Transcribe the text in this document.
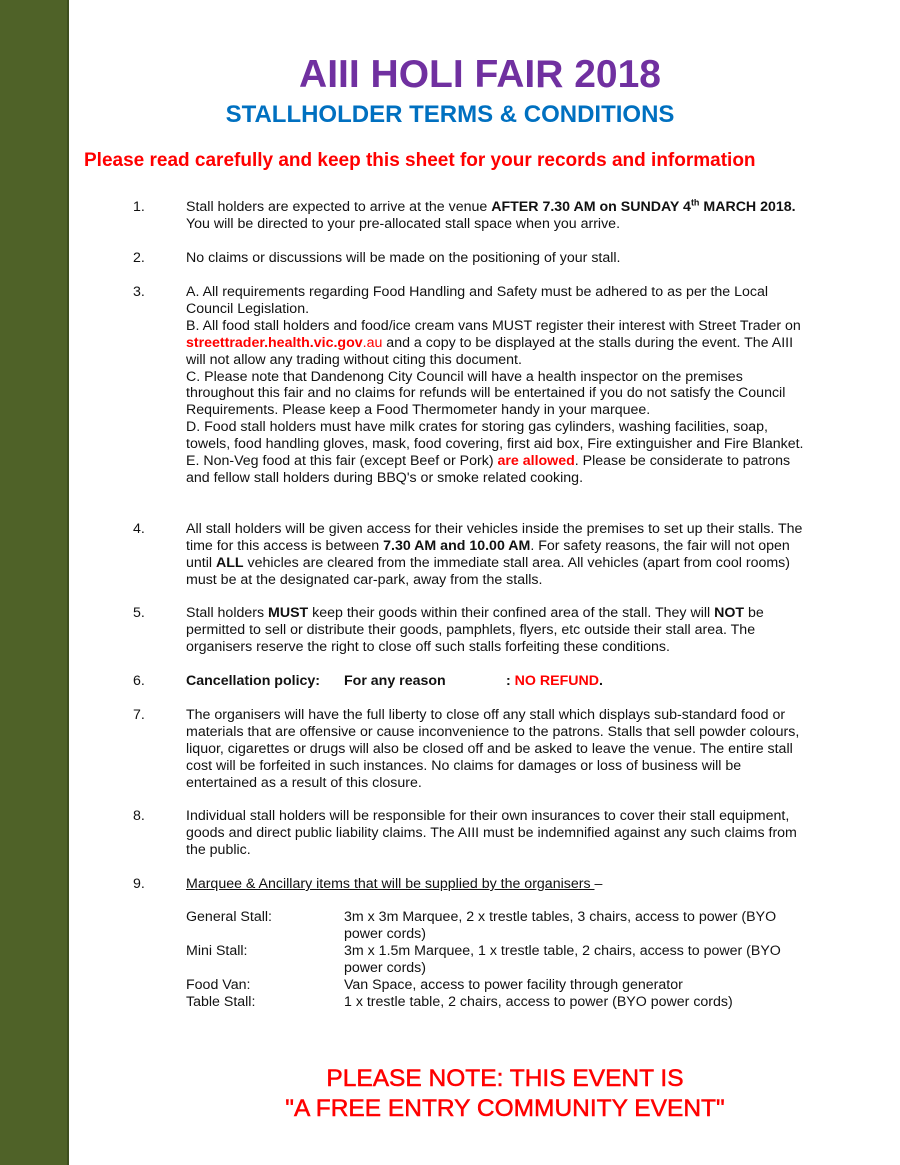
AIII HOLI FAIR 2018
STALLHOLDER TERMS & CONDITIONS
Please read carefully and keep this sheet for your records and information
1.	Stall holders are expected to arrive at the venue AFTER 7.30 AM on SUNDAY 4th MARCH 2018. You will be directed to your pre-allocated stall space when you arrive.
2.	No claims or discussions will be made on the positioning of your stall.
3.	A. All requirements regarding Food Handling and Safety must be adhered to as per the Local Council Legislation.

B. All food stall holders and food/ice cream vans MUST register their interest with Street Trader on streettrader.health.vic.gov.au and a copy to be displayed at the stalls during the event. The AIII will not allow any trading without citing this document.

C. Please note that Dandenong City Council will have a health inspector on the premises throughout this fair and no claims for refunds will be entertained if you do not satisfy the Council Requirements. Please keep a Food Thermometer handy in your marquee.

D. Food stall holders must have milk crates for storing gas cylinders, washing facilities, soap, towels, food handling gloves, mask, food covering, first aid box, Fire extinguisher and Fire Blanket.

E. Non-Veg food at this fair (except Beef or Pork) are allowed. Please be considerate to patrons and fellow stall holders during BBQ's or smoke related cooking.

4.	All stall holders will be given access for their vehicles inside the premises to set up their stalls. The time for this access is between 7.30 AM and 10.00 AM. For safety reasons, the fair will not open until ALL vehicles are cleared from the immediate stall area. All vehicles (apart from cool rooms) must be at the designated car-park, away from the stalls.
5.	Stall holders MUST keep their goods within their confined area of the stall. They will NOT be permitted to sell or distribute their goods, pamphlets, flyers, etc outside their stall area. The organisers reserve the right to close off such stalls forfeiting these conditions.
6.	Cancellation policy: For any reason	: NO REFUND.
7.	The organisers will have the full liberty to close off any stall which displays sub-standard food or materials that are offensive or cause inconvenience to the patrons. Stalls that sell powder colours, liquor, cigarettes or drugs will also be closed off and be asked to leave the venue. The entire stall cost will be forfeited in such instances. No claims for damages or loss of business will be entertained as a result of this closure.
8.	Individual stall holders will be responsible for their own insurances to cover their stall equipment, goods and direct public liability claims. The AIII must be indemnified against any such claims from the public.
9.	Marquee & Ancillary items that will be supplied by the organisers –
General Stall:	3m x 3m Marquee, 2 x trestle tables, 3 chairs, access to power (BYO power cords)
Mini Stall:	3m x 1.5m Marquee, 1 x trestle table, 2 chairs, access to power (BYO power cords)
Food Van:	Van Space, access to power facility through generator
Table Stall:	1 x trestle table, 2 chairs, access to power (BYO power cords)
PLEASE NOTE: THIS EVENT IS
"A FREE ENTRY COMMUNITY EVENT"
